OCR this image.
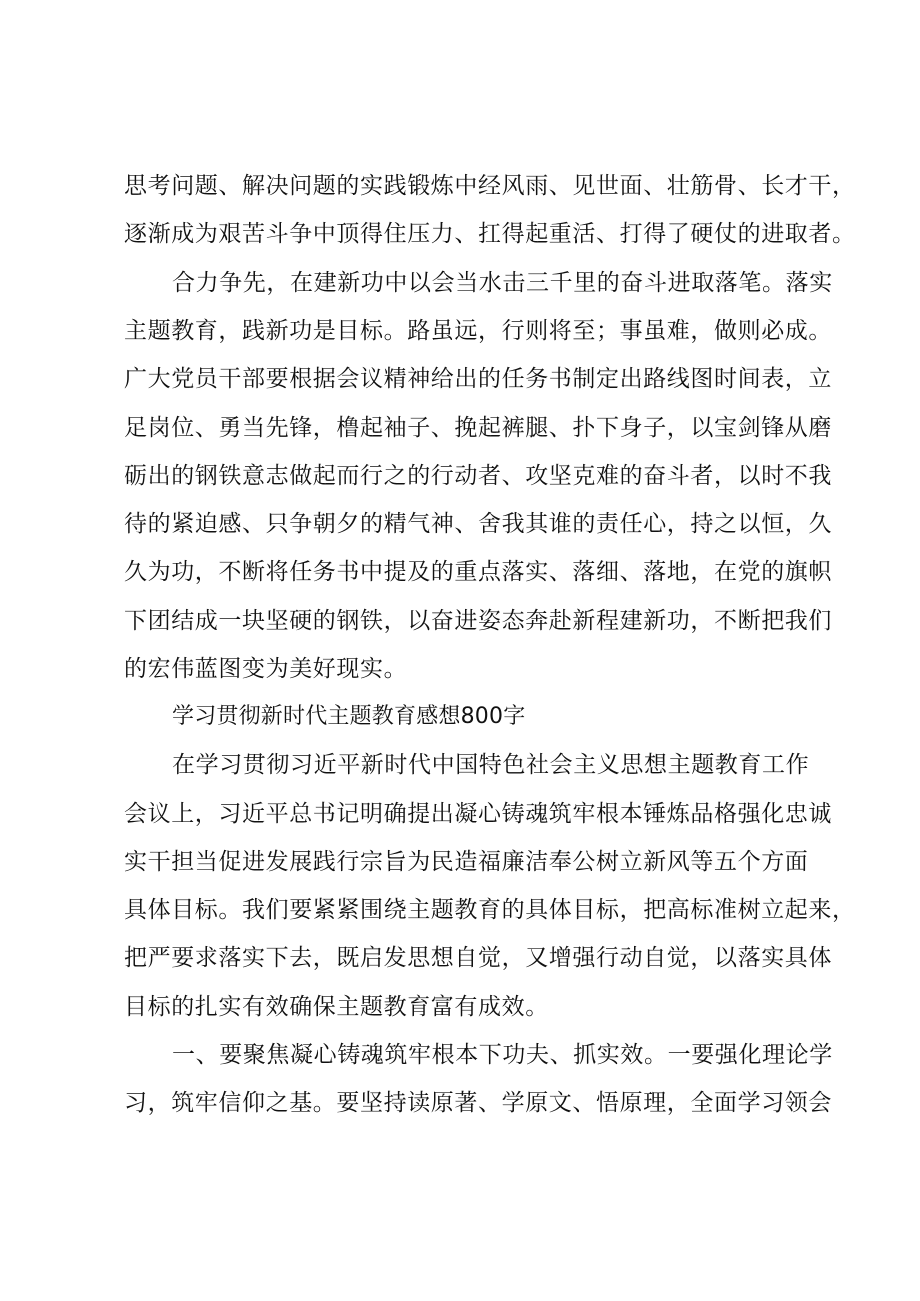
思考问题、解决问题的实践锻炼中经风雨、见世面、壮筋骨、长才干，
逐渐成为艰苦斗争中顶得住压力、扛得起重活、打得了硬仗的进取者。
合力争先，在建新功中以会当水击三千里的奋斗进取落笔。落实
主题教育，践新功是目标。路虽远，行则将至；事虽难，做则必成。
广大党员干部要根据会议精神给出的任务书制定出路线图时间表，立
足岗位、勇当先锋，橹起袖子、挽起裤腿、扑下身子，以宝剑锋从磨
砺出的钢铁意志做起而行之的行动者、攻坚克难的奋斗者，以时不我
待的紧迫感、只争朝夕的精气神、舍我其谁的责任心，持之以恒，久
久为功，不断将任务书中提及的重点落实、落细、落地，在党的旗帜
下团结成一块坚硬的钢铁，以奋进姿态奔赴新程建新功，不断把我们
的宏伟蓝图变为美好现实。
学习贯彻新时代主题教育感想800字
在学习贯彻习近平新时代中国特色社会主义思想主题教育工作
会议上，习近平总书记明确提出凝心铸魂筑牢根本锤炼品格强化忠诚
实干担当促进发展践行宗旨为民造福廉洁奉公树立新风等五个方面
具体目标。我们要紧紧围绕主题教育的具体目标，把高标准树立起来，
把严要求落实下去，既启发思想自觉，又增强行动自觉，以落实具体
目标的扎实有效确保主题教育富有成效。
一、要聚焦凝心铸魂筑牢根本下功夫、抓实效。一要强化理论学
习，筑牢信仰之基。要坚持读原著、学原文、悟原理，全面学习领会
